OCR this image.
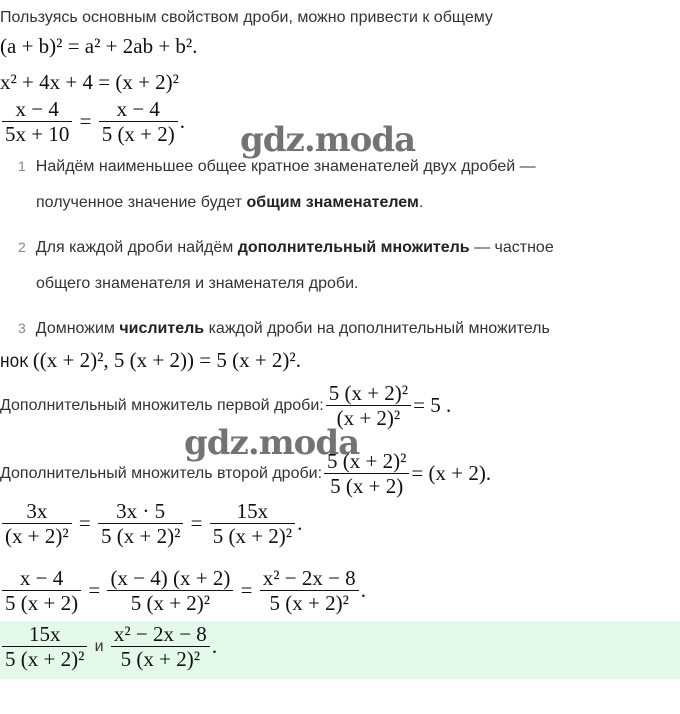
Пользуясь основным свойством дроби, можно привести к общему
(a + b)² = a² + 2ab + b².
x² + 4x + 4 = (x + 2)²
$\frac{x - 4}{5x + 10} = \frac{x - 4}{5 (x + 2)}$ . gdz.moda
1 Найдём наименьшее общее кратное знаменателей двух дробей —
полученное значение будет общим знаменателем.
2 Для каждой дроби найдём дополнительный множитель — частное
общего знаменателя и знаменателя дроби.
3 Домножим числитель каждой дроби на дополнительный множитель
НОК ((x + 2)², 5 (x + 2)) = 5 (x + 2)².
Дополнительный множитель первой дроби: $\frac{\text{5 (x + 2)²}}{\text{(x + 2)²}} = 5$ .
gdz.moda
Дополнительный множитель второй дроби: $\frac{\text{5 (x + 2)²}}{5 (x + 2)} = (x + 2)$.
$\frac{3x}{\text{(x + 2)²}} = \frac{3x \cdot 5}{\text{5 (x + 2)²}} = \frac{15x}{\text{5 (x + 2)²}}$ .
$\frac{x - 4}{5 (x + 2)} = \frac{(x - 4) (x + 2)}{\text{5 (x + 2)²}} = \frac{\text{x² − 2x − 8}}{\text{5 (x + 2)²}}$ .
$\frac{15x}{\text{5 (x + 2)²}}$ и $\frac{\text{x² − 2x − 8}}{\text{5 (x + 2)²}}$ .
